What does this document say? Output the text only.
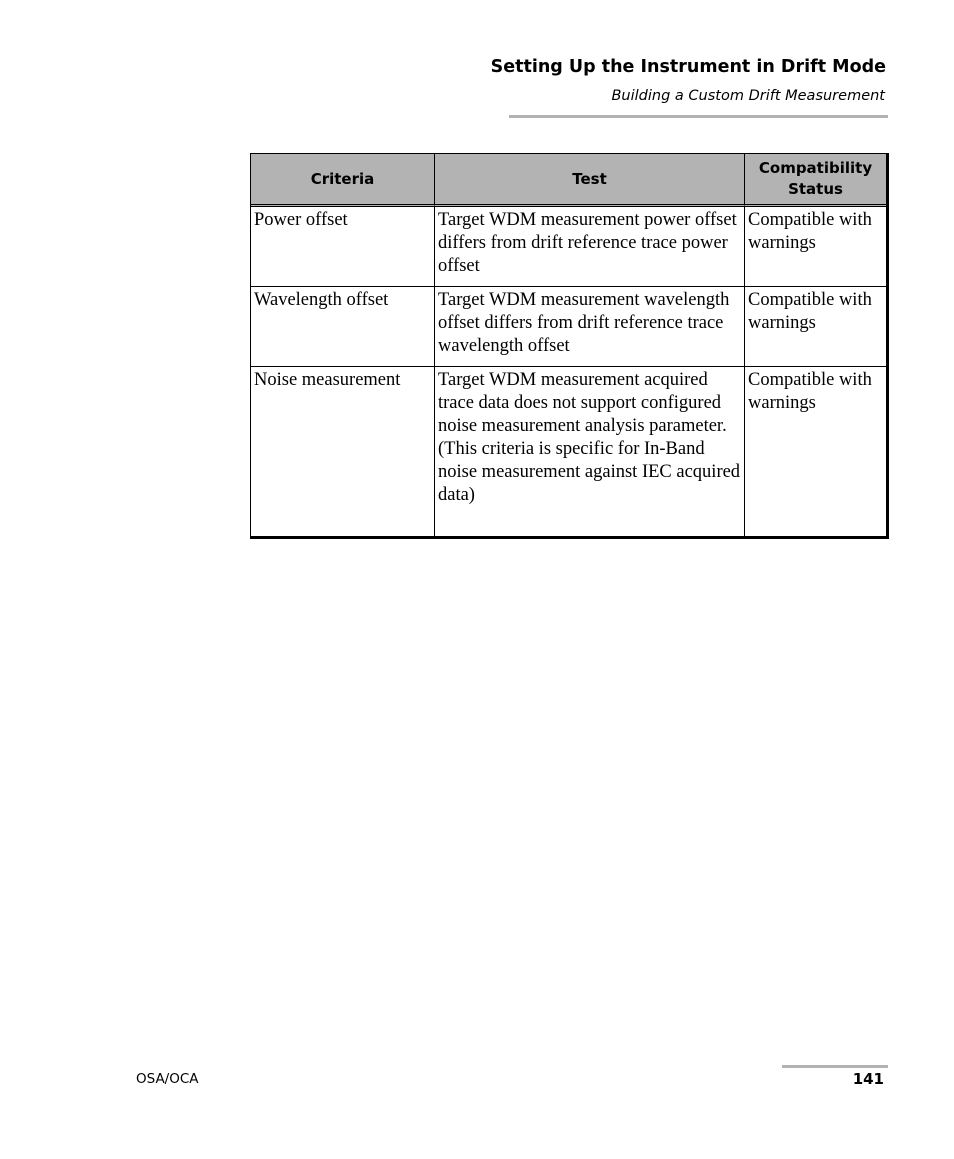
Setting Up the Instrument in Drift Mode
Building a Custom Drift Measurement
Criteria	Test	Compatibility Status
Power offset	Target WDM measurement power offset differs from drift reference trace power offset	Compatible with warnings
Wavelength offset	Target WDM measurement wavelength offset differs from drift reference trace wavelength offset	Compatible with warnings
Noise measurement	Target WDM measurement acquired trace data does not support configured noise measurement analysis parameter. (This criteria is specific for In-Band noise measurement against IEC acquired data)	Compatible with warnings
OSA/OCA	141
